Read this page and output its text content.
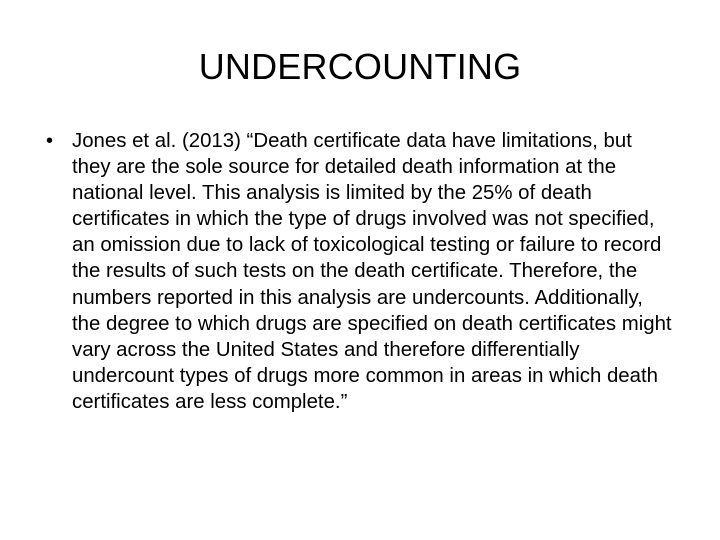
UNDERCOUNTING
• Jones et al. (2013) “Death certificate data have limitations, but they are the sole source for detailed death information at the national level. This analysis is limited by the 25% of death certificates in which the type of drugs involved was not specified, an omission due to lack of toxicological testing or failure to record the results of such tests on the death certificate. Therefore, the numbers reported in this analysis are undercounts. Additionally, the degree to which drugs are specified on death certificates might vary across the United States and therefore differentially undercount types of drugs more common in areas in which death certificates are less complete.”
